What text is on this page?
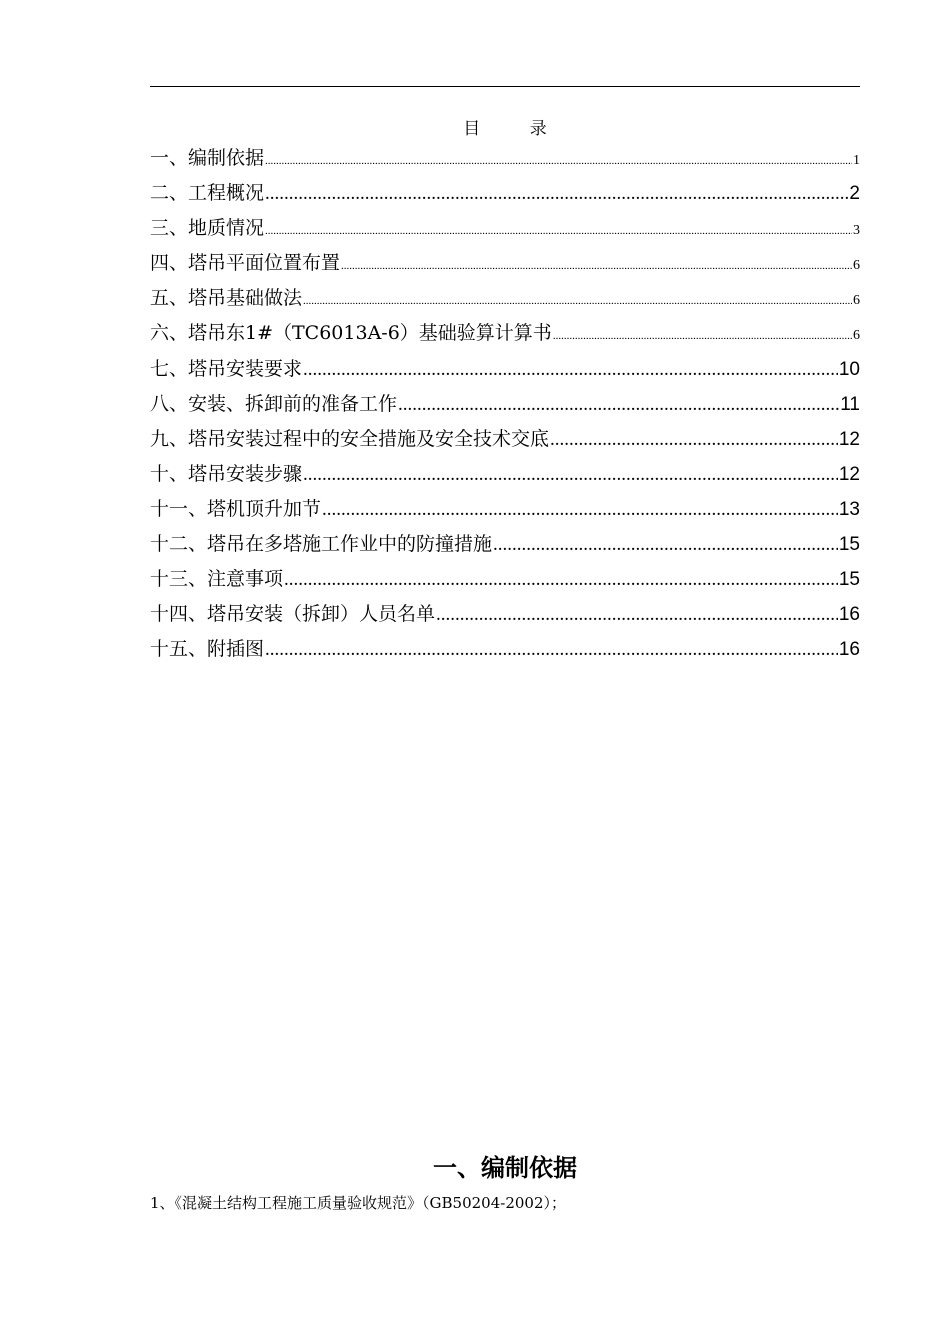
目 录
一、编制依据 .....	1
二、工程概况 .....	2
三、地质情况 .....	3
四、塔吊平面位置布置 .....	6
五、塔吊基础做法 .....	6
六、塔吊东1#（TC6013A-6）基础验算计算书 .....	6
七、塔吊安装要求 .....	10
八、安装、拆卸前的准备工作 .....	11
九、塔吊安装过程中的安全措施及安全技术交底 .....	12
十、塔吊安装步骤 .....	12
十一、塔机顶升加节 .....	13
十二、塔吊在多塔施工作业中的防撞措施 .....	15
十三、注意事项 .....	15
十四、塔吊安装（拆卸）人员名单 .....	16
十五、附插图 .....	16
一、编制依据

1、《混凝土结构工程施工质量验收规范》（GB50204-2002）；
